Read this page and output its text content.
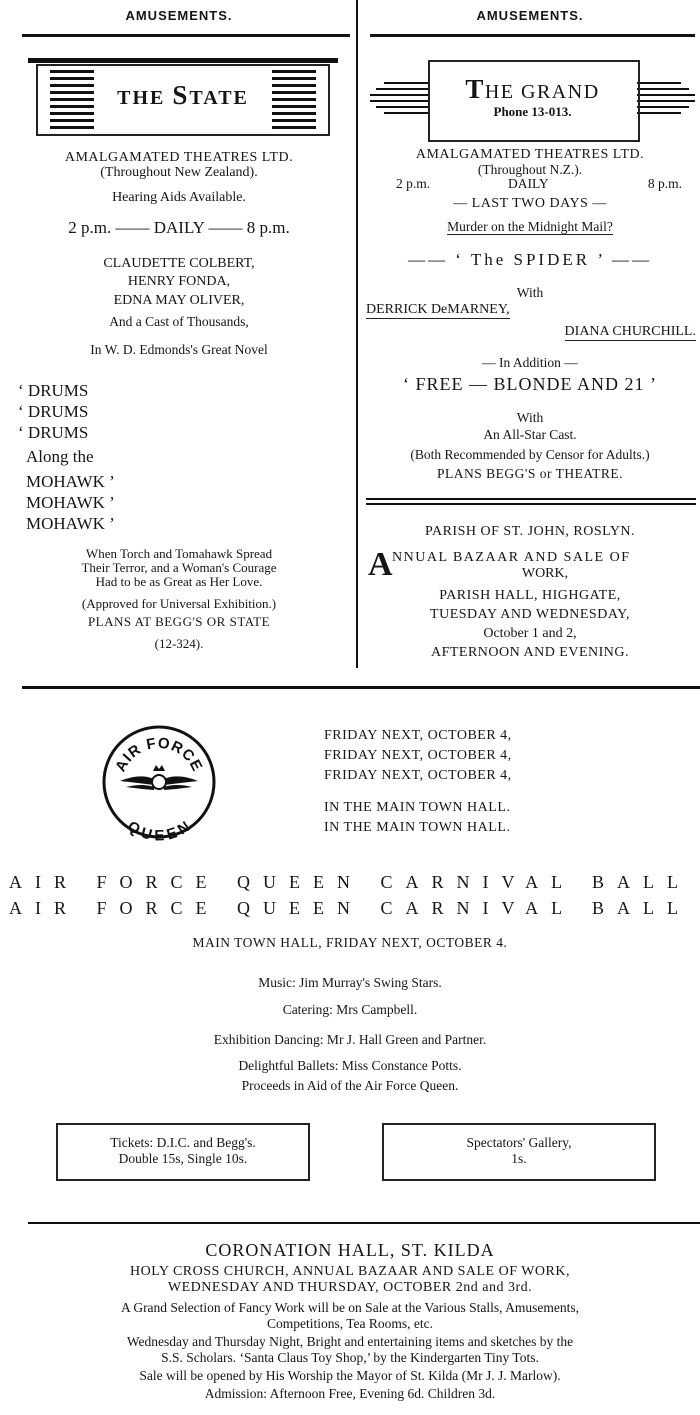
AMUSEMENTS.
THE STATE
AMALGAMATED THEATRES LTD.
(Throughout New Zealand).
Hearing Aids Available.
2 p.m. —— DAILY —— 8 p.m.
CLAUDETTE COLBERT,
HENRY FONDA,
EDNA MAY OLIVER,
And a Cast of Thousands,
In W. D. Edmonds's Great Novel
‘ DRUMS
‘ DRUMS
‘ DRUMS
Along the
MOHAWK ’
MOHAWK ’
MOHAWK ’
When Torch and Tomahawk Spread
Their Terror, and a Woman's Courage
Had to be as Great as Her Love.
(Approved for Universal Exhibition.)
PLANS AT BEGG'S OR STATE
(12-324).
AMUSEMENTS.
THE GRAND
Phone 13-013.
AMALGAMATED THEATRES LTD.
(Throughout N.Z.).
2 p.m.	DAILY	8 p.m.
— LAST TWO DAYS —
Murder on the Midnight Mail?
—— ‘ The SPIDER ’ ——
With
DERRICK DeMARNEY,
DIANA CHURCHILL.
— In Addition —
‘ FREE — BLONDE AND 21 ’
With
An All-Star Cast.
(Both Recommended by Censor for Adults.)
PLANS BEGG'S or THEATRE.
PARISH OF ST. JOHN, ROSLYN.
A NNUAL BAZAAR AND SALE OF
WORK,
PARISH HALL, HIGHGATE,
TUESDAY AND WEDNESDAY,
October 1 and 2,
AFTERNOON AND EVENING.
AIR FORCE
QUEEN
FRIDAY NEXT, OCTOBER 4,
FRIDAY NEXT, OCTOBER 4,
FRIDAY NEXT, OCTOBER 4,
IN THE MAIN TOWN HALL.
IN THE MAIN TOWN HALL.
AIR FORCE QUEEN CARNIVAL BALL
AIR FORCE QUEEN CARNIVAL BALL
MAIN TOWN HALL, FRIDAY NEXT, OCTOBER 4.
Music: Jim Murray's Swing Stars.
Catering: Mrs Campbell.
Exhibition Dancing: Mr J. Hall Green and Partner.
Delightful Ballets: Miss Constance Potts.
Proceeds in Aid of the Air Force Queen.
Tickets: D.I.C. and Begg's.
Double 15s, Single 10s.
Spectators' Gallery,
1s.
CORONATION HALL, ST. KILDA
HOLY CROSS CHURCH, ANNUAL BAZAAR AND SALE OF WORK,
WEDNESDAY AND THURSDAY, OCTOBER 2nd and 3rd.
A Grand Selection of Fancy Work will be on Sale at the Various Stalls, Amusements,
Competitions, Tea Rooms, etc.
Wednesday and Thursday Night, Bright and entertaining items and sketches by the
S.S. Scholars. ‘Santa Claus Toy Shop,’ by the Kindergarten Tiny Tots.
Sale will be opened by His Worship the Mayor of St. Kilda (Mr J. J. Marlow).
Admission: Afternoon Free, Evening 6d. Children 3d.
